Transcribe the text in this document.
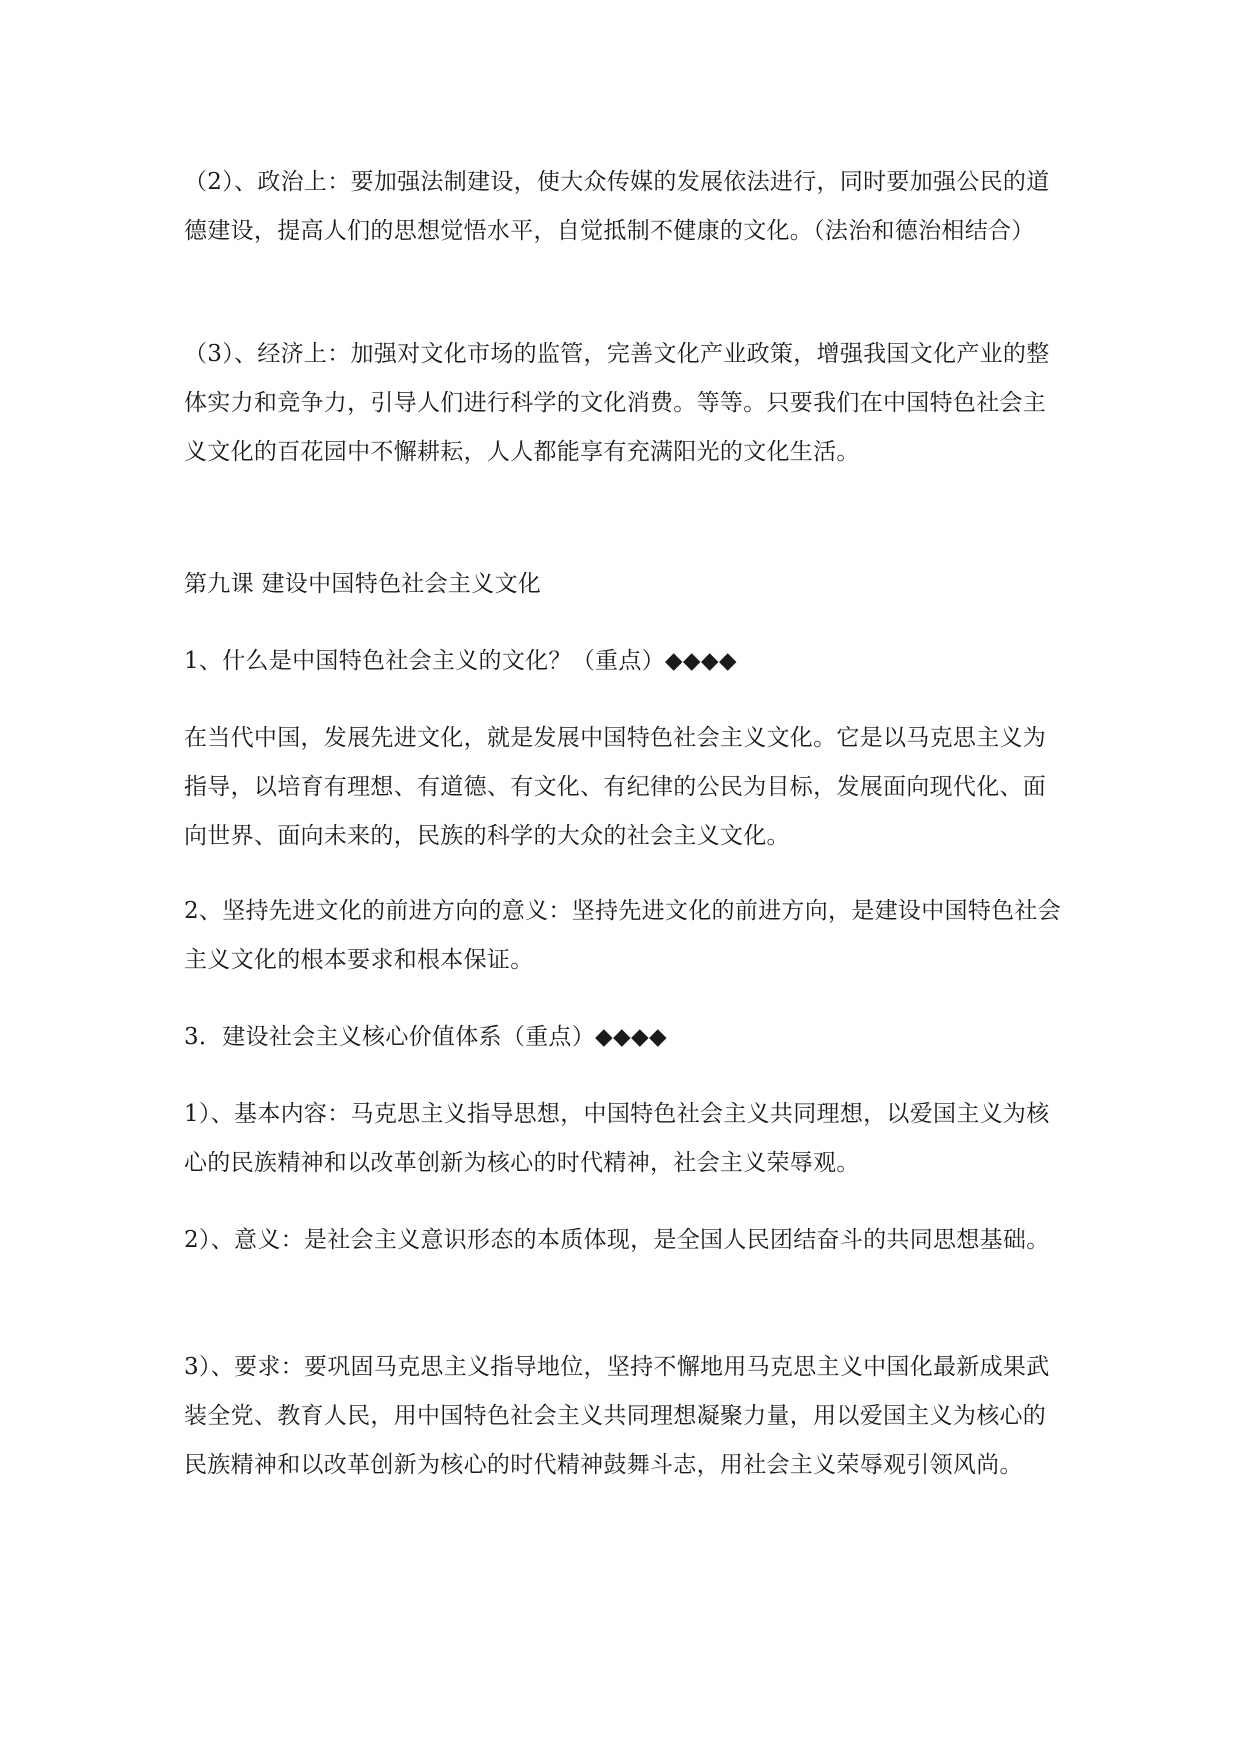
（2）、政治上：要加强法制建设，使大众传媒的发展依法进行，同时要加强公民的道德建设，提高人们的思想觉悟水平，自觉抵制不健康的文化。（法治和德治相结合）

（3）、经济上：加强对文化市场的监管，完善文化产业政策，增强我国文化产业的整体实力和竞争力，引导人们进行科学的文化消费。等等。只要我们在中国特色社会主义文化的百花园中不懈耕耘，人人都能享有充满阳光的文化生活。

第九课 建设中国特色社会主义文化

1、什么是中国特色社会主义的文化？（重点）◆◆◆◆

在当代中国，发展先进文化，就是发展中国特色社会主义文化。它是以马克思主义为指导，以培育有理想、有道德、有文化、有纪律的公民为目标，发展面向现代化、面向世界、面向未来的，民族的科学的大众的社会主义文化。

2、坚持先进文化的前进方向的意义：坚持先进文化的前进方向，是建设中国特色社会主义文化的根本要求和根本保证。

3．建设社会主义核心价值体系（重点）◆◆◆◆

1）、基本内容：马克思主义指导思想，中国特色社会主义共同理想，以爱国主义为核心的民族精神和以改革创新为核心的时代精神，社会主义荣辱观。

2）、意义：是社会主义意识形态的本质体现，是全国人民团结奋斗的共同思想基础。

3）、要求：要巩固马克思主义指导地位，坚持不懈地用马克思主义中国化最新成果武装全党、教育人民，用中国特色社会主义共同理想凝聚力量，用以爱国主义为核心的民族精神和以改革创新为核心的时代精神鼓舞斗志，用社会主义荣辱观引领风尚。
